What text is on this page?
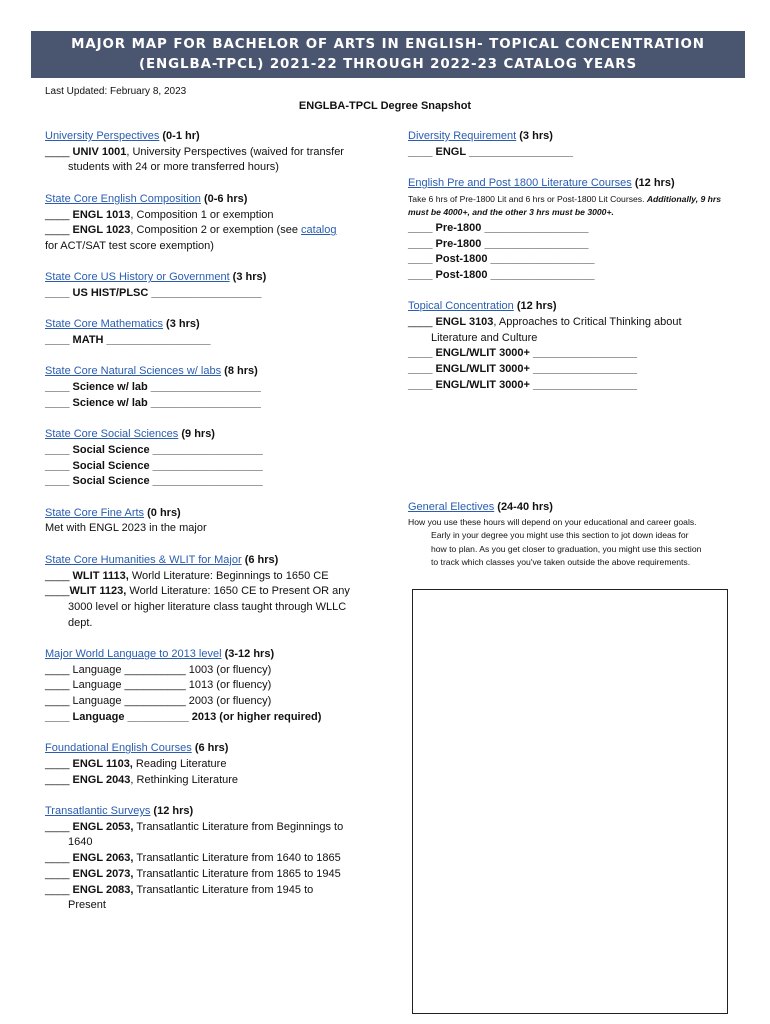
MAJOR MAP FOR BACHELOR OF ARTS IN ENGLISH- TOPICAL CONCENTRATION
(ENGLBA-TPCL) 2021-22 THROUGH 2022-23 CATALOG YEARS
Last Updated: February 8, 2023
ENGLBA-TPCL Degree Snapshot
University Perspectives (0-1 hr)
____ UNIV 1001, University Perspectives (waived for transfer
students with 24 or more transferred hours)
State Core English Composition (0-6 hrs)
____ ENGL 1013, Composition 1 or exemption
____ ENGL 1023, Composition 2 or exemption (see catalog
for ACT/SAT test score exemption)
State Core US History or Government (3 hrs)
____ US HIST/PLSC __________________
State Core Mathematics (3 hrs)
____ MATH _________________
State Core Natural Sciences w/ labs (8 hrs)
____ Science w/ lab __________________
____ Science w/ lab __________________
State Core Social Sciences (9 hrs)
____ Social Science __________________
____ Social Science __________________
____ Social Science __________________
State Core Fine Arts (0 hrs)
Met with ENGL 2023 in the major
State Core Humanities & WLIT for Major (6 hrs)
____ WLIT 1113, World Literature: Beginnings to 1650 CE
____WLIT 1123, World Literature: 1650 CE to Present OR any
3000 level or higher literature class taught through WLLC
dept.
Major World Language to 2013 level (3-12 hrs)
____ Language __________ 1003 (or fluency)
____ Language __________ 1013 (or fluency)
____ Language __________ 2003 (or fluency)
____ Language __________ 2013 (or higher required)
Foundational English Courses (6 hrs)
____ ENGL 1103, Reading Literature
____ ENGL 2043, Rethinking Literature
Transatlantic Surveys (12 hrs)
____ ENGL 2053, Transatlantic Literature from Beginnings to
1640
____ ENGL 2063, Transatlantic Literature from 1640 to 1865
____ ENGL 2073, Transatlantic Literature from 1865 to 1945
____ ENGL 2083, Transatlantic Literature from 1945 to
Present
Diversity Requirement (3 hrs)
____ ENGL _________________
English Pre and Post 1800 Literature Courses (12 hrs)
Take 6 hrs of Pre-1800 Lit and 6 hrs or Post-1800 Lit Courses. Additionally, 9 hrs must be 4000+, and the other 3 hrs must be 3000+.
____ Pre-1800 _________________
____ Pre-1800 _________________
____ Post-1800 _________________
____ Post-1800 _________________
Topical Concentration (12 hrs)
____ ENGL 3103, Approaches to Critical Thinking about
Literature and Culture
____ ENGL/WLIT 3000+ _________________
____ ENGL/WLIT 3000+ _________________
____ ENGL/WLIT 3000+ _________________
General Electives (24-40 hrs)
How you use these hours will depend on your educational and career goals.
Early in your degree you might use this section to jot down ideas for
how to plan. As you get closer to graduation, you might use this section
to track which classes you've taken outside the above requirements.
